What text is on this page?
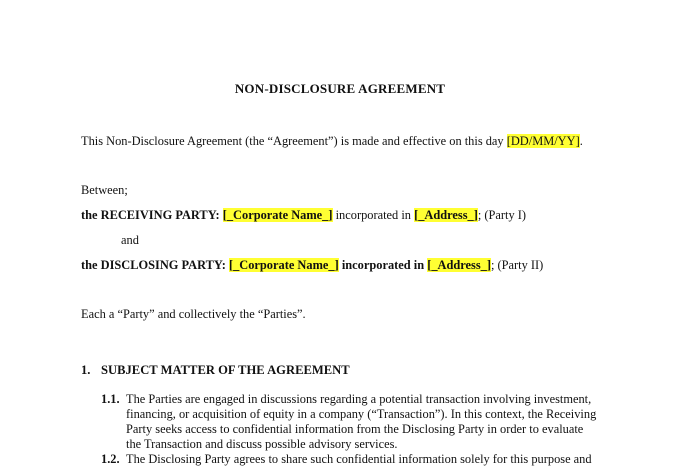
NON-DISCLOSURE AGREEMENT
This Non-Disclosure Agreement (the “Agreement”) is made and effective on this day [DD/MM/YY].
Between;
the RECEIVING PARTY: [_Corporate Name_] incorporated in [_Address_]; (Party I)
and
the DISCLOSING PARTY: [_Corporate Name_] incorporated in [_Address_]; (Party II)
Each a “Party” and collectively the “Parties”.
1. SUBJECT MATTER OF THE AGREEMENT
1.1. The Parties are engaged in discussions regarding a potential transaction involving investment,
financing, or acquisition of equity in a company (“Transaction”). In this context, the Receiving
Party seeks access to confidential information from the Disclosing Party in order to evaluate
the Transaction and discuss possible advisory services.
1.2. The Disclosing Party agrees to share such confidential information solely for this purpose and
